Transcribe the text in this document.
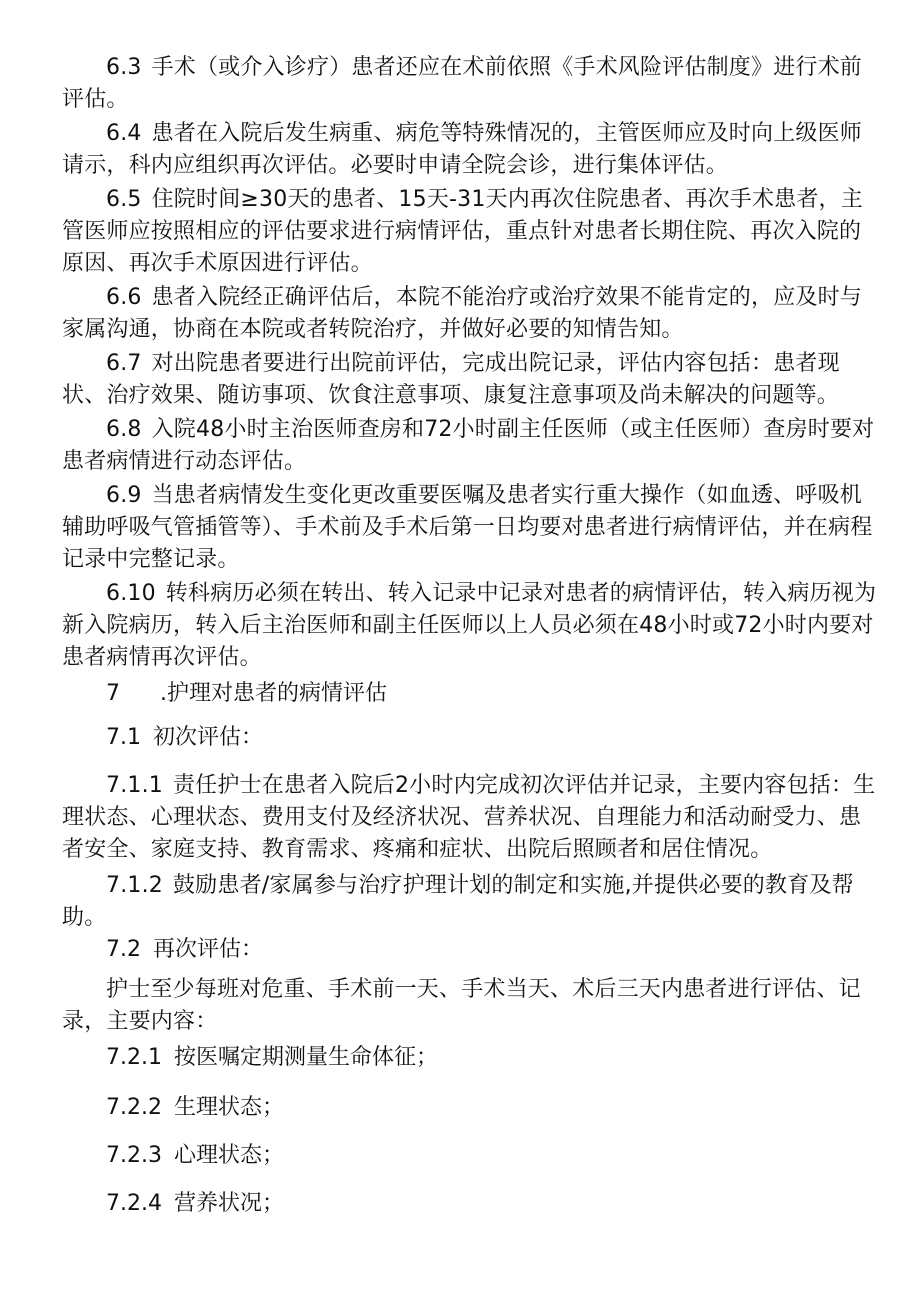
6.3 手术（或介入诊疗）患者还应在术前依照《手术风险评估制度》进行术前评估。

6.4 患者在入院后发生病重、病危等特殊情况的，主管医师应及时向上级医师请示，科内应组织再次评估。必要时申请全院会诊，进行集体评估。

6.5 住院时间≥30天的患者、15天-31天内再次住院患者、再次手术患者，主管医师应按照相应的评估要求进行病情评估，重点针对患者长期住院、再次入院的原因、再次手术原因进行评估。

6.6 患者入院经正确评估后，本院不能治疗或治疗效果不能肯定的，应及时与家属沟通，协商在本院或者转院治疗，并做好必要的知情告知。

6.7 对出院患者要进行出院前评估，完成出院记录，评估内容包括：患者现状、治疗效果、随访事项、饮食注意事项、康复注意事项及尚未解决的问题等。

6.8 入院48小时主治医师查房和72小时副主任医师（或主任医师）查房时要对患者病情进行动态评估。

6.9 当患者病情发生变化更改重要医嘱及患者实行重大操作（如血透、呼吸机辅助呼吸气管插管等）、手术前及手术后第一日均要对患者进行病情评估，并在病程记录中完整记录。

6.10 转科病历必须在转出、转入记录中记录对患者的病情评估，转入病历视为新入院病历，转入后主治医师和副主任医师以上人员必须在48小时或72小时内要对患者病情再次评估。

7 .护理对患者的病情评估

7.1 初次评估：

7.1.1 责任护士在患者入院后2小时内完成初次评估并记录，主要内容包括：生理状态、心理状态、费用支付及经济状况、营养状况、自理能力和活动耐受力、患者安全、家庭支持、教育需求、疼痛和症状、出院后照顾者和居住情况。

7.1.2 鼓励患者/家属参与治疗护理计划的制定和实施,并提供必要的教育及帮助。

7.2 再次评估：

护士至少每班对危重、手术前一天、手术当天、术后三天内患者进行评估、记录，主要内容：

7.2.1 按医嘱定期测量生命体征；

7.2.2 生理状态；

7.2.3 心理状态；

7.2.4 营养状况；
